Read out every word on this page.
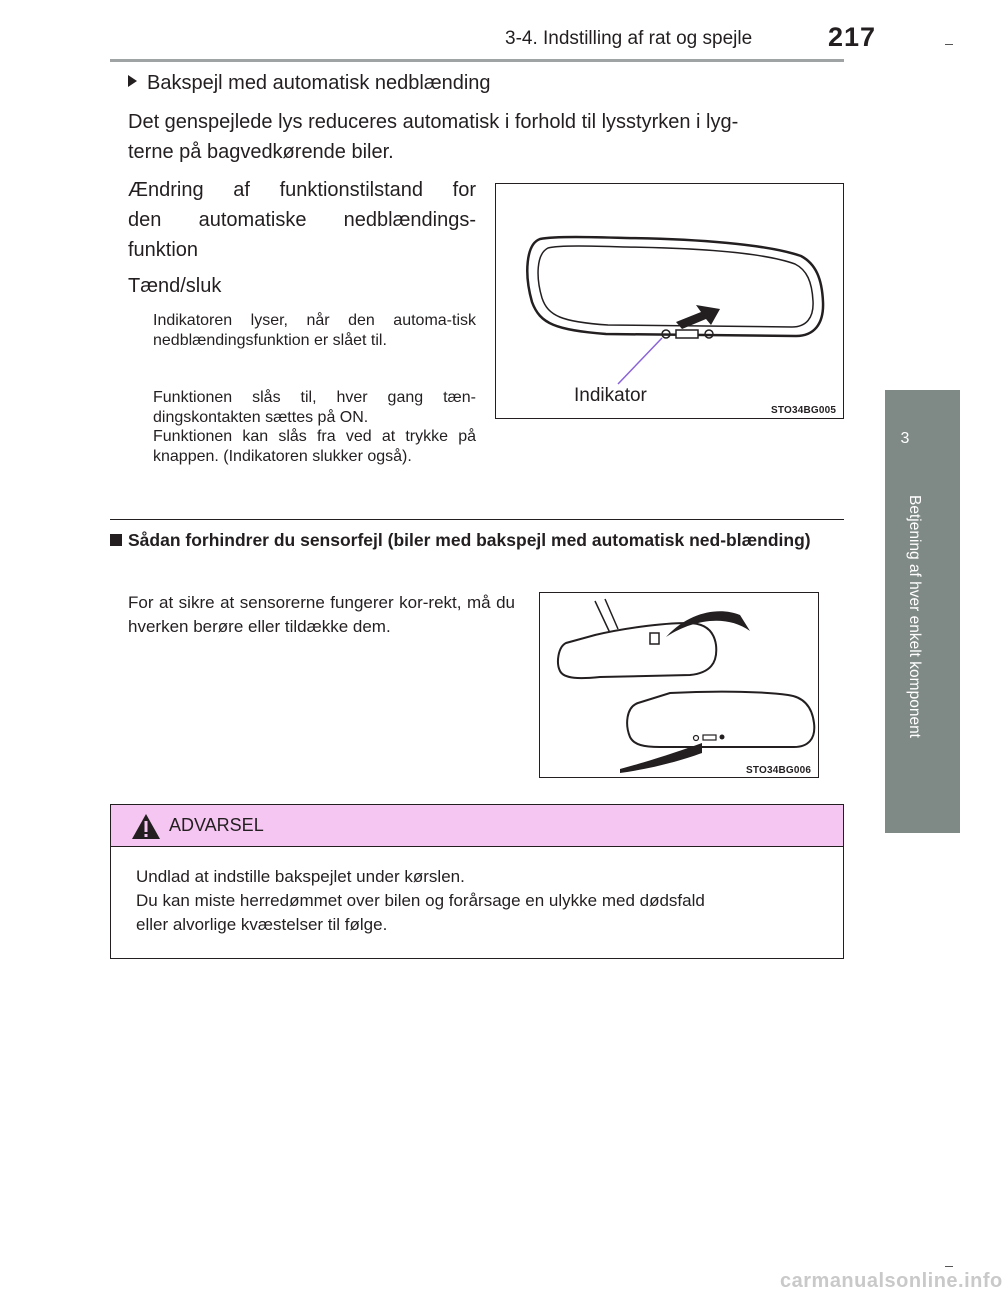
3-4. Indstilling af rat og spejle	217
3
Betjening af hver enkelt komponent
Bakspejl med automatisk nedblænding
Det genspejlede lys reduceres automatisk i forhold til lysstyrken i lyg-
terne på bagvedkørende biler.
Ændring af funktionstilstand for
den automatiske nedblændings-
funktion
Tænd/sluk
Indikatoren lyser, når den automa-tisk nedblændingsfunktion er slået til.
Funktionen slås til, hver gang tæn-dingskontakten sættes på ON.
Funktionen kan slås fra ved at trykke på knappen. (Indikatoren slukker også).
Indikator
STO34BG005
Sådan forhindrer du sensorfejl (biler med bakspejl med automatisk ned-blænding)
For at sikre at sensorerne fungerer kor-rekt, må du hverken berøre eller tildække dem.
STO34BG006
ADVARSEL
Undlad at indstille bakspejlet under kørslen.
Du kan miste herredømmet over bilen og forårsage en ulykke med dødsfald
eller alvorlige kvæstelser til følge.
carmanualsonline.info
